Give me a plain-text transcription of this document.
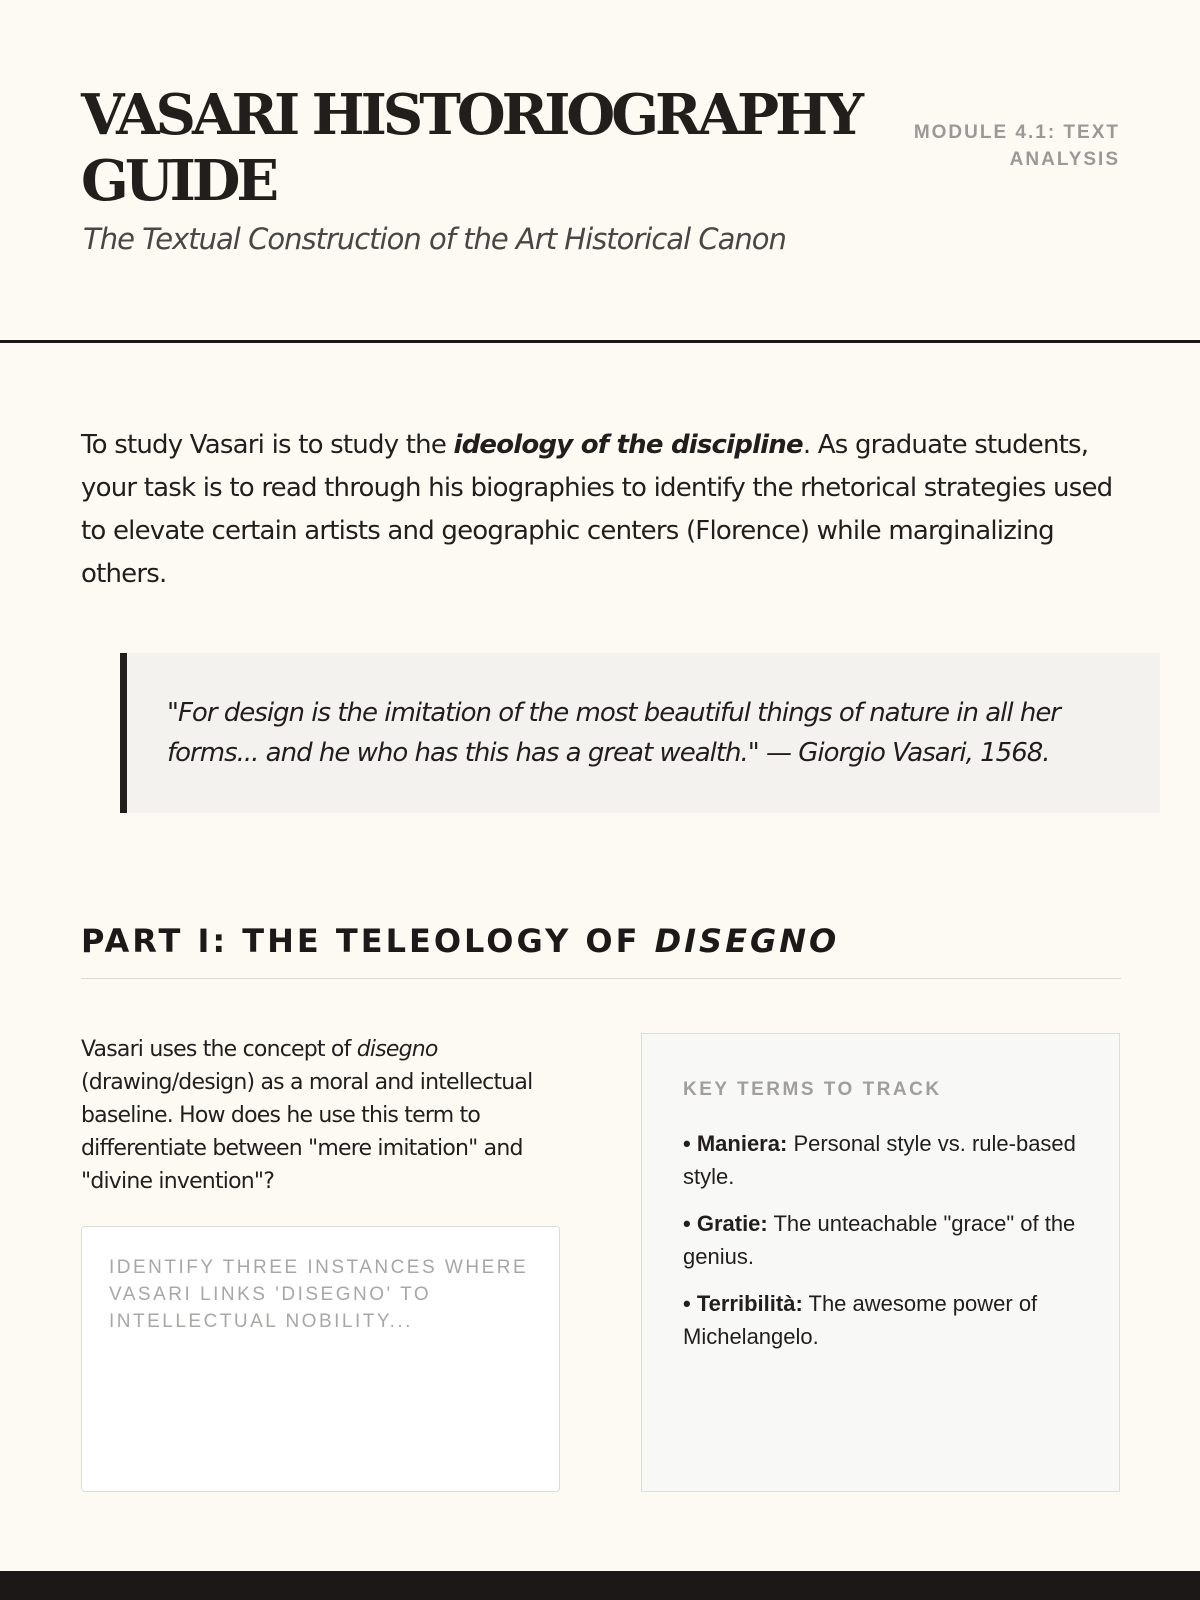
VASARI HISTORIOGRAPHY GUIDE

The Textual Construction of the Art Historical Canon

MODULE 4.1: TEXT ANALYSIS

To study Vasari is to study the ideology of the discipline. As graduate students, your task is to read through his biographies to identify the rhetorical strategies used to elevate certain artists and geographic centers (Florence) while marginalizing others.

"For design is the imitation of the most beautiful things of nature in all her forms... and he who has this has a great wealth." — Giorgio Vasari, 1568.

PART I: THE TELEOLOGY OF DISEGNO

Vasari uses the concept of disegno (drawing/design) as a moral and intellectual baseline. How does he use this term to differentiate between "mere imitation" and "divine invention"?

Identify three instances where Vasari links 'disegno' to intellectual nobility...
KEY TERMS TO TRACK
• Maniera: Personal style vs. rule-based style.
• Gratie: The unteachable "grace" of the genius.
• Terribilità: The awesome power of Michelangelo.
